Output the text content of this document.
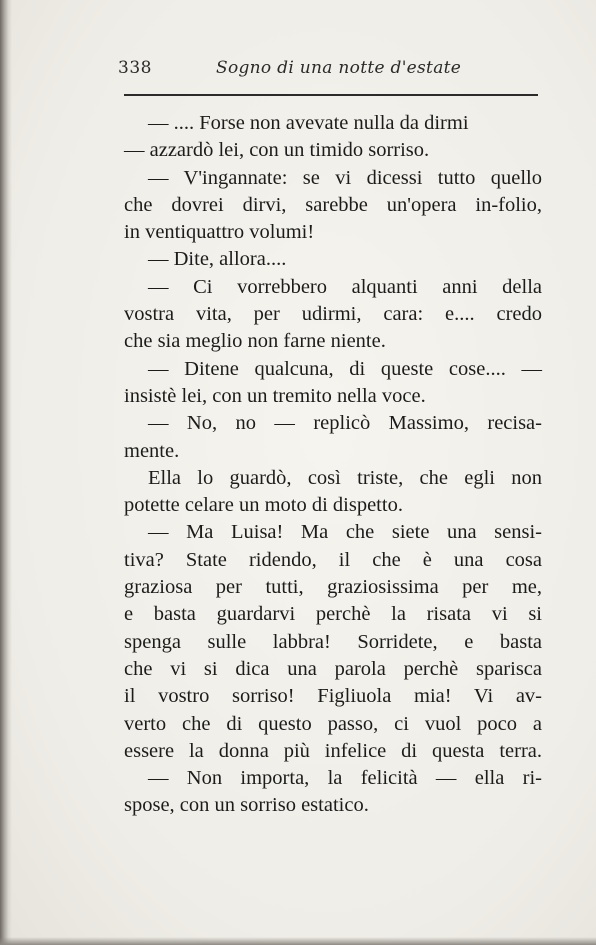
338	Sogno di una notte d'estate
— .... Forse non avevate nulla da dirmi
— azzardò lei, con un timido sorriso.
— V'ingannate: se vi dicessi tutto quello
che dovrei dirvi, sarebbe un'opera in-folio,
in ventiquattro volumi!
— Dite, allora....
— Ci vorrebbero alquanti anni della
vostra vita, per udirmi, cara: e.... credo
che sia meglio non farne niente.
— Ditene qualcuna, di queste cose.... —
insistè lei, con un tremito nella voce.
— No, no — replicò Massimo, recisa-
mente.
Ella lo guardò, così triste, che egli non
potette celare un moto di dispetto.
— Ma Luisa! Ma che siete una sensi-
tiva? State ridendo, il che è una cosa
graziosa per tutti, graziosissima per me,
e basta guardarvi perchè la risata vi si
spenga sulle labbra! Sorridete, e basta
che vi si dica una parola perchè sparisca
il vostro sorriso! Figliuola mia! Vi av-
verto che di questo passo, ci vuol poco a
essere la donna più infelice di questa terra.
— Non importa, la felicità — ella ri-
spose, con un sorriso estatico.
